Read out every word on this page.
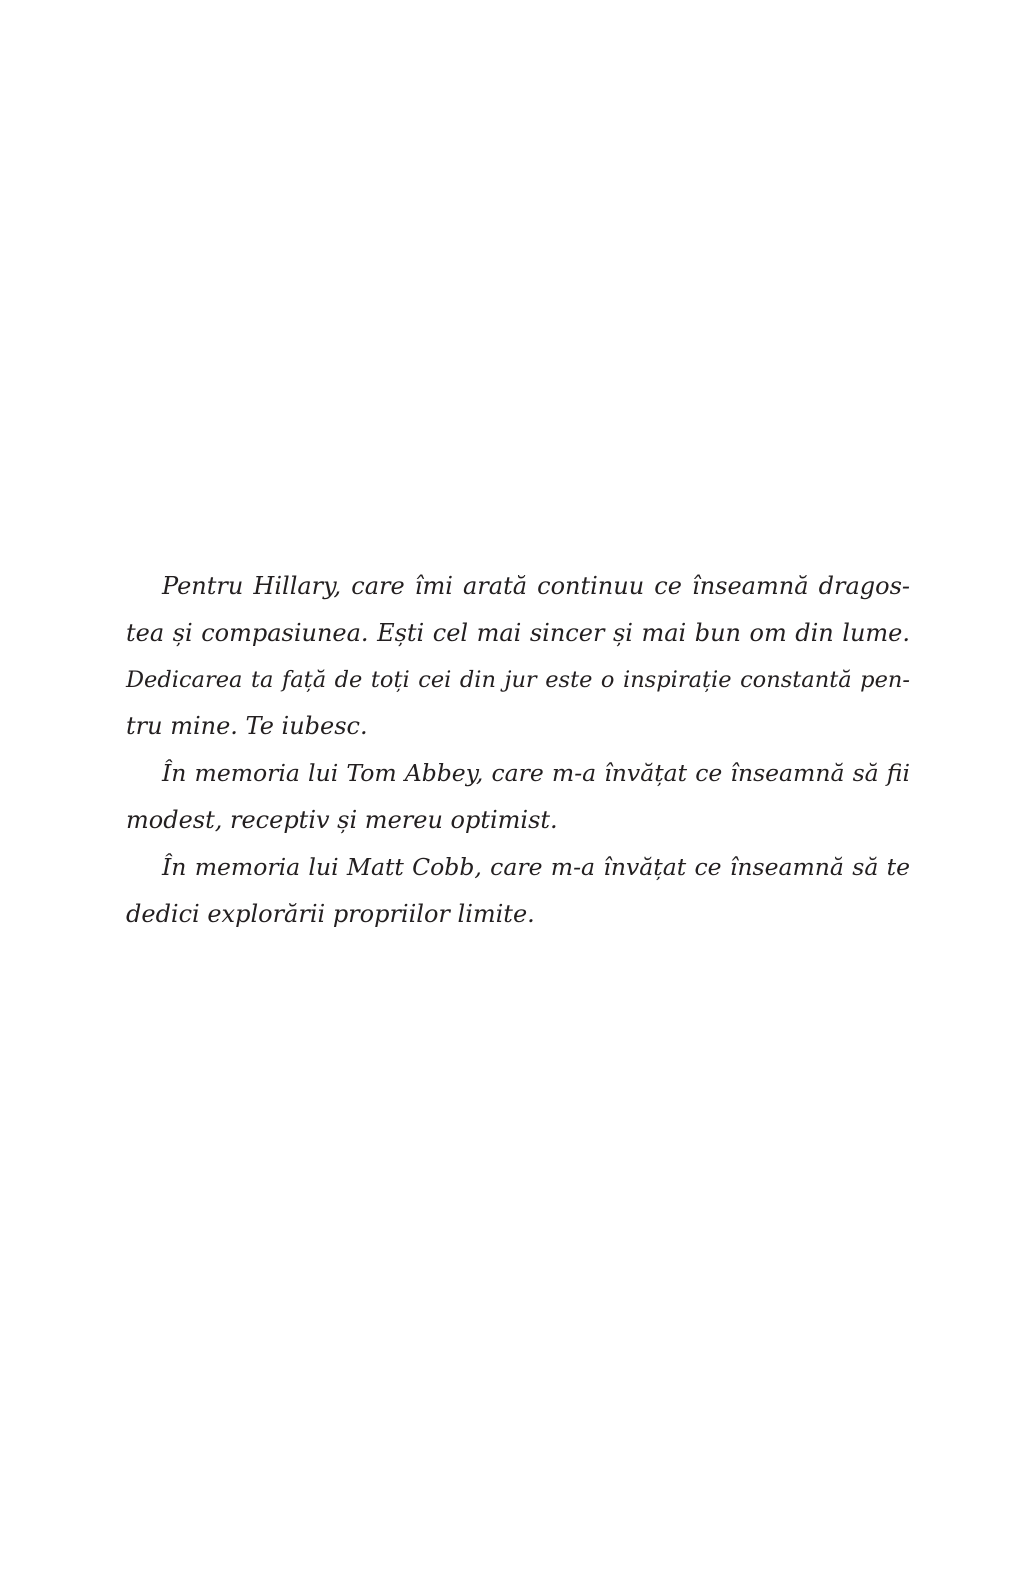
Pentru Hillary, care îmi arată continuu ce înseamnă dragos-
tea și compasiunea. Ești cel mai sincer și mai bun om din lume.
Dedicarea ta față de toți cei din jur este o inspirație constantă pen-
tru mine. Te iubesc.
În memoria lui Tom Abbey, care m-a învățat ce înseamnă să fii
modest, receptiv și mereu optimist.
În memoria lui Matt Cobb, care m-a învățat ce înseamnă să te
dedici explorării propriilor limite.
